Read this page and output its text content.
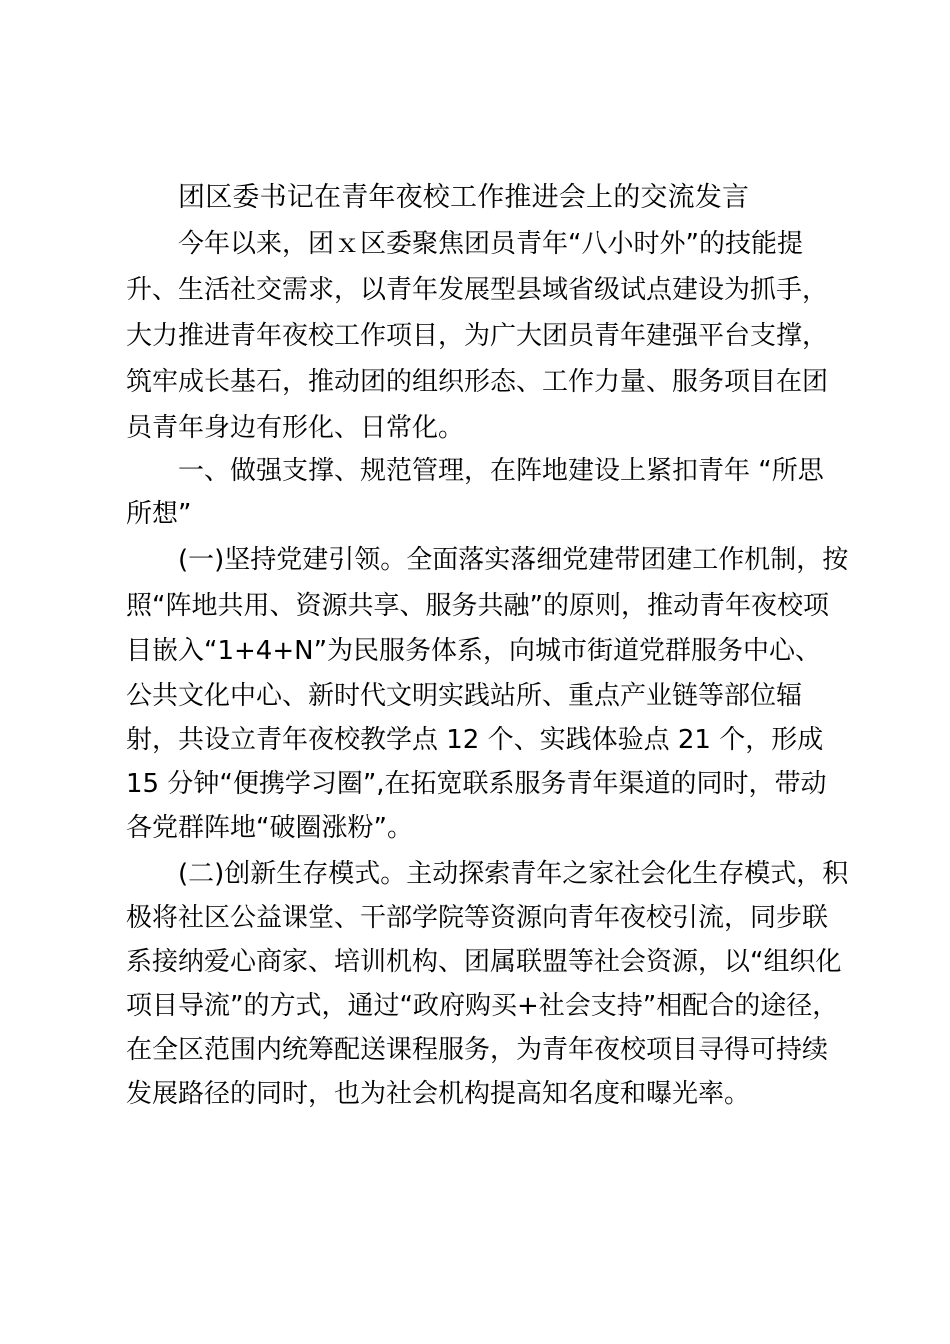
团区委书记在青年夜校工作推进会上的交流发言
今年以来，团ｘ区委聚焦团员青年“八小时外”的技能提
升、生活社交需求，以青年发展型县域省级试点建设为抓手，
大力推进青年夜校工作项目，为广大团员青年建强平台支撑，
筑牢成长基石，推动团的组织形态、工作力量、服务项目在团
员青年身边有形化、日常化。
一、做强支撑、规范管理，在阵地建设上紧扣青年 “所思
所想”
(一)坚持党建引领。全面落实落细党建带团建工作机制，按
照“阵地共用、资源共享、服务共融”的原则，推动青年夜校项
目嵌入“1+4+N”为民服务体系，向城市街道党群服务中心、
公共文化中心、新时代文明实践站所、重点产业链等部位辐
射，共设立青年夜校教学点 12 个、实践体验点 21 个，形成
15 分钟“便携学习圈”,在拓宽联系服务青年渠道的同时，带动
各党群阵地“破圈涨粉”。
(二)创新生存模式。主动探索青年之家社会化生存模式，积
极将社区公益课堂、干部学院等资源向青年夜校引流，同步联
系接纳爱心商家、培训机构、团属联盟等社会资源，以“组织化
项目导流”的方式，通过“政府购买+社会支持”相配合的途径，
在全区范围内统筹配送课程服务，为青年夜校项目寻得可持续
发展路径的同时，也为社会机构提高知名度和曝光率。
